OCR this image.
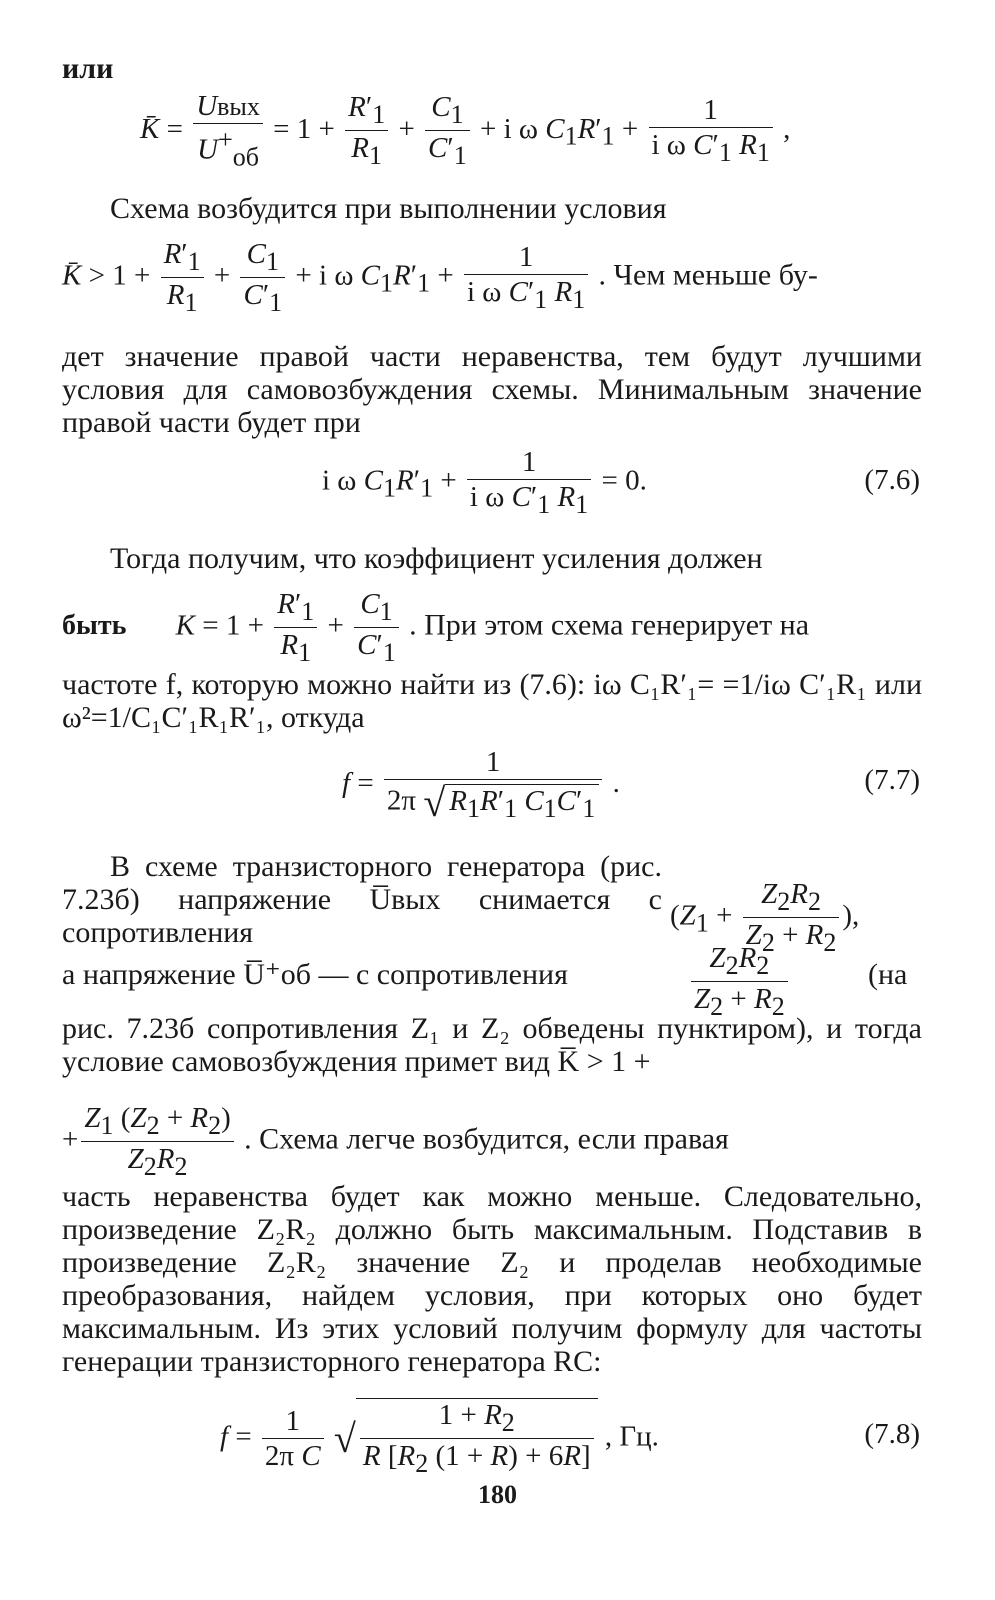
или
K̄ = $\frac{\text{Uвых}}{U^+_{об}} = 1 + \frac{R'_1}{R_1} + \frac{C_1}{C'_1} + i$ ω $C_1R'_1 + \frac{1}{i \omega C'_1 R_1}$ ,
Схема возбудится при выполнении условия
K̄ > $1 + \frac{R'_1}{R_1} + \frac{C_1}{C'_1} + i$ ω $C_1R'_1 + \frac{1}{i \omega C'_1 R_1}$ . Чем меньше бу-
дет значение правой части неравенства, тем будут лучшими условия для самовозбуждения схемы. Минимальным значение правой части будет при
i ω $C_1R'_1 + \frac{1}{i \omega C'_1 R_1} = 0$.	(7.6)
Тогда получим, что коэффициент усиления должен
быть $K = 1 + \frac{R'_1}{R_1} + \frac{C_1}{C'_1}$ . При этом схема генерирует на
частоте f, которую можно найти из (7.6): iω C₁R′₁= =1/iω C′₁R₁ или ω²=1/C₁C′₁R₁R′₁, откуда
$f = \frac{1}{2\pi √ R_1R'_1 C_1C'_1}$ .	(7.7)
В схеме транзисторного генератора (рис. 7.23б) напряжение U̅вых снимается с сопротивления
($Z_1 + \frac{Z_2R_2}{Z_2 + R_2}$ ),
а напряжение U̅⁺об — с сопротивления	$\frac{Z_2R_2}{Z_2 + R_2}$	(на
рис. 7.23б сопротивления Z₁ и Z₂ обведены пунктиром), и тогда условие самовозбуждения примет вид K̅ > 1 +
+ $\frac{Z_1 (Z_2 + R_2)}{Z_2R_2}$ . Схема легче возбудится, если правая
часть неравенства будет как можно меньше. Следовательно, произведение Z₂R₂ должно быть максимальным. Подставив в произведение Z₂R₂ значение Z₂ и проделав необходимые преобразования, найдем условия, при которых оно будет максимальным. Из этих условий получим формулу для частоты генерации транзисторного генератора RC:
$f = \frac{1}{\text{2π C}}$ √ $\frac{1 + R_2}{R [R_2 (1 + R) + 6R]}$ , Гц.	(7.8)
180
